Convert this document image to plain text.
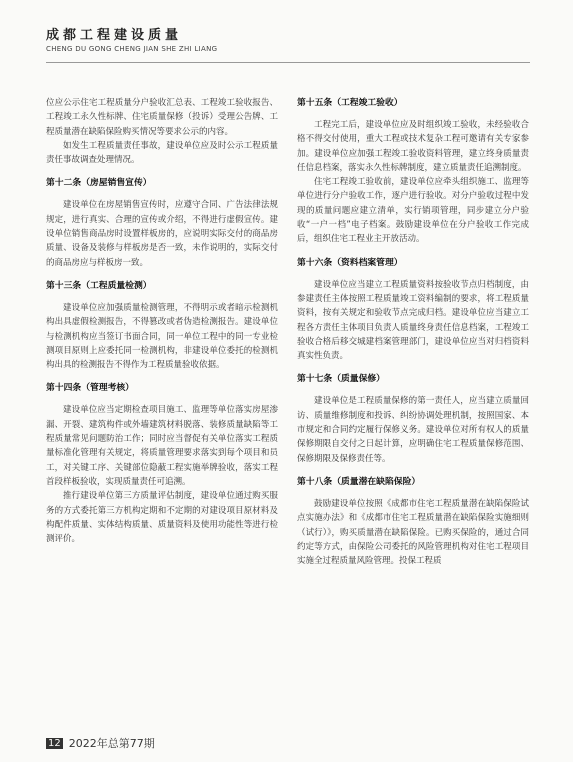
成都工程建设质量
CHENG DU GONG CHENG JIAN SHE ZHI LIANG

位应公示住宅工程质量分户验收汇总表、工程竣工验收报告、工程竣工永久性标牌、住宅质量保修（投诉）受理公告牌、工程质量潜在缺陷保险购买情况等要求公示的内容。

如发生工程质量责任事故，建设单位应及时公示工程质量责任事故调查处理情况。

第十二条（房屋销售宣传）

建设单位在房屋销售宣传时，应遵守合同、广告法律法规规定，进行真实、合理的宣传或介绍，不得进行虚假宣传。建设单位销售商品房时设置样板房的，应说明实际交付的商品房质量、设备及装修与样板房是否一致，未作说明的，实际交付的商品房应与样板房一致。

第十三条（工程质量检测）

建设单位应加强质量检测管理，不得明示或者暗示检测机构出具虚假检测报告，不得篡改或者伪造检测报告。建设单位与检测机构应当签订书面合同，同一单位工程中的同一专业检测项目原则上应委托同一检测机构，非建设单位委托的检测机构出具的检测报告不得作为工程质量验收依据。

第十四条（管理考核）

建设单位应当定期检查项目施工、监理等单位落实房屋渗漏、开裂、建筑构件或外墙建筑材料脱落、装修质量缺陷等工程质量常见问题防治工作；同时应当督促有关单位落实工程质量标准化管理有关规定，将质量管理要求落实到每个项目和员工，对关键工序、关键部位隐蔽工程实施举牌验收，落实工程首段样板验收，实现质量责任可追溯。

推行建设单位第三方质量评估制度，建设单位通过购买服务的方式委托第三方机构定期和不定期的对建设项目原材料及构配件质量、实体结构质量、质量资料及使用功能性等进行检测评价。

第十五条（工程竣工验收）

工程完工后，建设单位应及时组织竣工验收，未经验收合格不得交付使用，重大工程或技术复杂工程可邀请有关专家参加。建设单位应加强工程竣工验收资料管理，建立终身质量责任信息档案，落实永久性标牌制度，建立质量责任追溯制度。

住宅工程竣工验收前，建设单位应牵头组织施工、监理等单位进行分户验收工作，逐户进行验收。对分户验收过程中发现的质量问题应建立清单，实行销项管理，同步建立分户验收“一户一档”电子档案。鼓励建设单位在分户验收工作完成后，组织住宅工程业主开放活动。

第十六条（资料档案管理）

建设单位应当建立工程质量资料按验收节点归档制度，由参建责任主体按照工程质量竣工资料编制的要求，将工程质量资料，按有关规定和验收节点完成归档。建设单位应当建立工程各方责任主体项目负责人质量终身责任信息档案，工程竣工验收合格后移交城建档案管理部门，建设单位应当对归档资料真实性负责。

第十七条（质量保修）

建设单位是工程质量保修的第一责任人，应当建立质量回访、质量维修制度和投诉、纠纷协调处理机制，按照国家、本市规定和合同约定履行保修义务。建设单位对所有权人的质量保修期限自交付之日起计算，应明确住宅工程质量保修范围、保修期限及保修责任等。

第十八条（质量潜在缺陷保险）

鼓励建设单位按照《成都市住宅工程质量潜在缺陷保险试点实施办法》和《成都市住宅工程质量潜在缺陷保险实施细则（试行）》，购买质量潜在缺陷保险。已购买保险的，通过合同约定等方式，由保险公司委托的风险管理机构对住宅工程项目实施全过程质量风险管理。投保工程质

12 2022年总第77期
